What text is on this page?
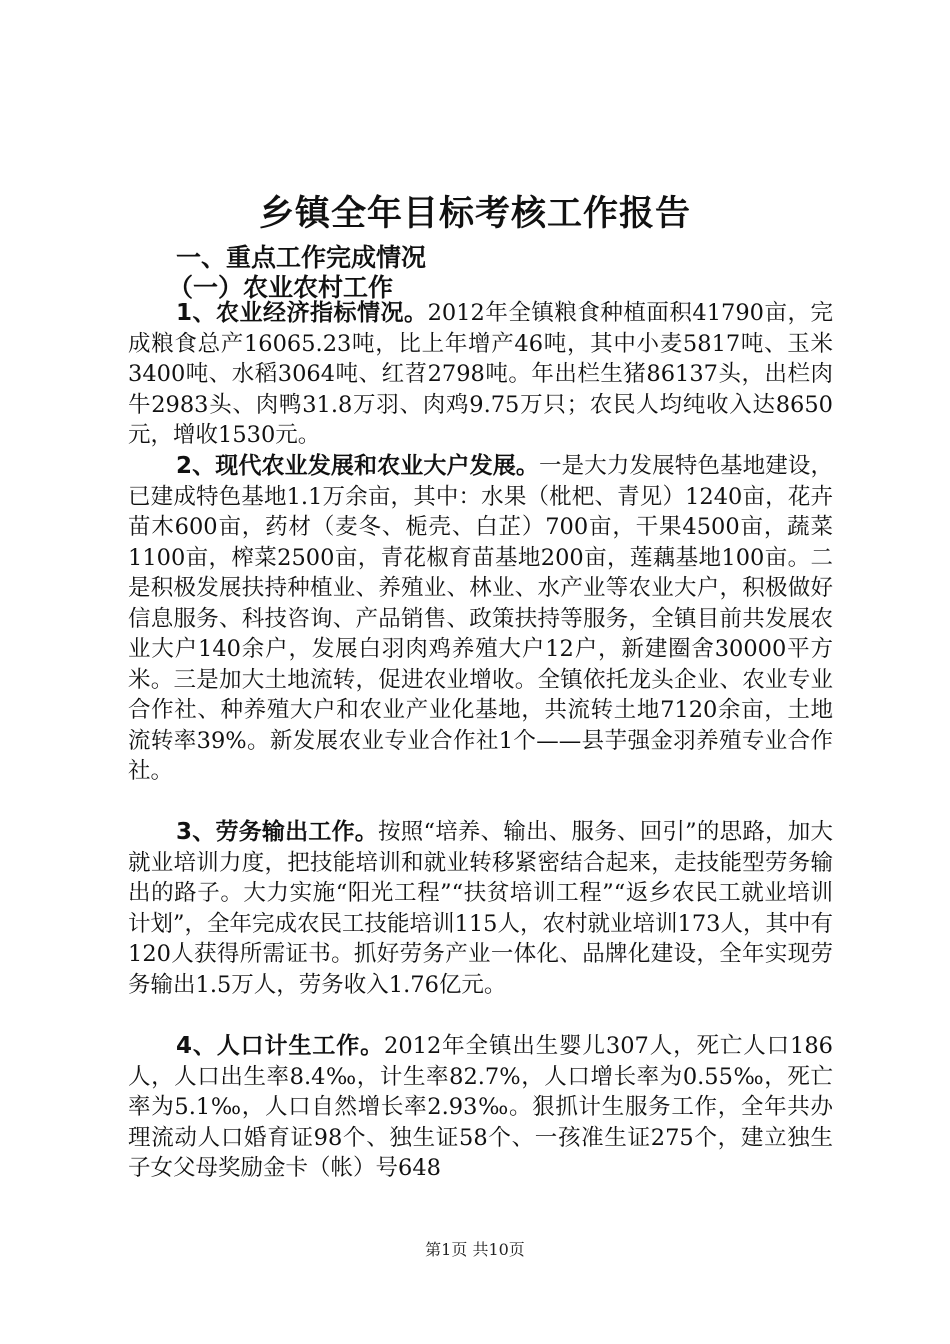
乡镇全年目标考核工作报告
一、重点工作完成情况
（一）农业农村工作

1、农业经济指标情况。2012年全镇粮食种植面积41790亩，完成粮食总产16065.23吨，比上年增产46吨，其中小麦5817吨、玉米3400吨、水稻3064吨、红苕2798吨。年出栏生猪86137头，出栏肉牛2983头、肉鸭31.8万羽、肉鸡9.75万只；农民人均纯收入达8650元，增收1530元。

2、现代农业发展和农业大户发展。一是大力发展特色基地建设，已建成特色基地1.1万余亩，其中：水果（枇杷、青见）1240亩，花卉苗木600亩，药材（麦冬、栀壳、白芷）700亩，干果4500亩，蔬菜1100亩，榨菜2500亩，青花椒育苗基地200亩，莲藕基地100亩。二是积极发展扶持种植业、养殖业、林业、水产业等农业大户，积极做好信息服务、科技咨询、产品销售、政策扶持等服务，全镇目前共发展农业大户140余户，发展白羽肉鸡养殖大户12户，新建圈舍30000平方米。三是加大土地流转，促进农业增收。全镇依托龙头企业、农业专业合作社、种养殖大户和农业产业化基地，共流转土地7120余亩，土地流转率39%。新发展农业专业合作社1个——县芋强金羽养殖专业合作社。

3、劳务输出工作。按照“培养、输出、服务、回引”的思路，加大就业培训力度，把技能培训和就业转移紧密结合起来，走技能型劳务输出的路子。大力实施“阳光工程”“扶贫培训工程”“返乡农民工就业培训计划”，全年完成农民工技能培训115人，农村就业培训173人，其中有120人获得所需证书。抓好劳务产业一体化、品牌化建设，全年实现劳务输出1.5万人，劳务收入1.76亿元。

4、人口计生工作。2012年全镇出生婴儿307人，死亡人口186人，人口出生率8.4‰，计生率82.7%，人口增长率为0.55‰，死亡率为5.1‰，人口自然增长率2.93‰。狠抓计生服务工作，全年共办理流动人口婚育证98个、独生证58个、一孩准生证275个，建立独生子女父母奖励金卡（帐）号648

第1页 共10页
